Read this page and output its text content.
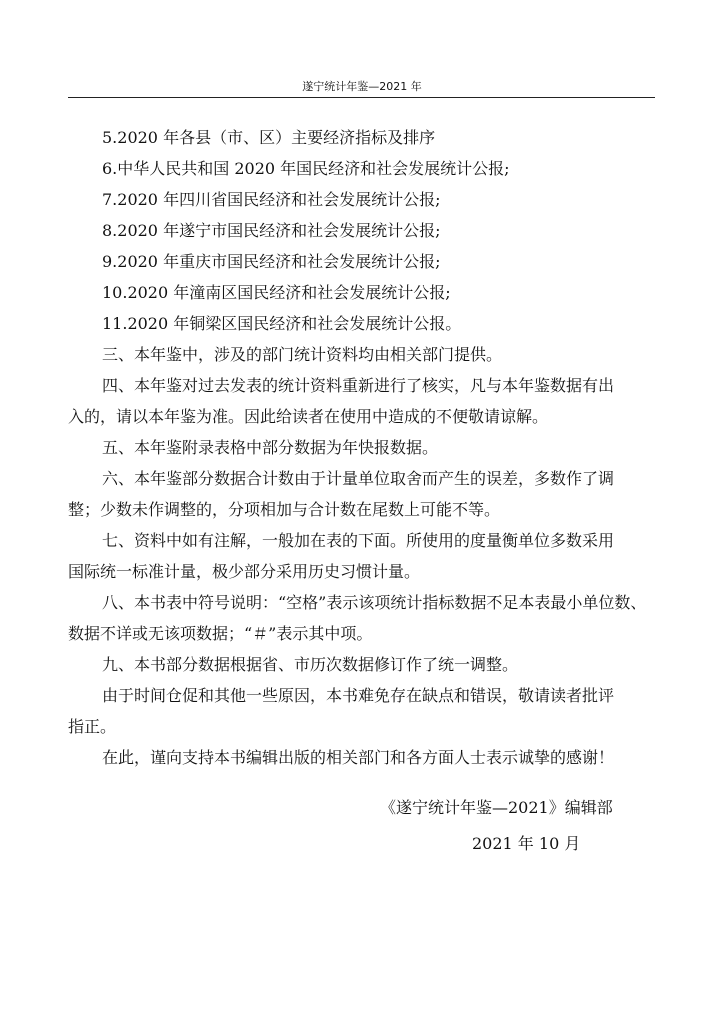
遂宁统计年鉴—2021 年
5.2020 年各县（市、区）主要经济指标及排序
6.中华人民共和国 2020 年国民经济和社会发展统计公报;
7.2020 年四川省国民经济和社会发展统计公报;
8.2020 年遂宁市国民经济和社会发展统计公报;
9.2020 年重庆市国民经济和社会发展统计公报;
10.2020 年潼南区国民经济和社会发展统计公报;
11.2020 年铜梁区国民经济和社会发展统计公报。
三、本年鉴中，涉及的部门统计资料均由相关部门提供。
四、本年鉴对过去发表的统计资料重新进行了核实，凡与本年鉴数据有出
入的，请以本年鉴为准。因此给读者在使用中造成的不便敬请谅解。
五、本年鉴附录表格中部分数据为年快报数据。
六、本年鉴部分数据合计数由于计量单位取舍而产生的误差，多数作了调
整；少数未作调整的，分项相加与合计数在尾数上可能不等。
七、资料中如有注解，一般加在表的下面。所使用的度量衡单位多数采用
国际统一标准计量，极少部分采用历史习惯计量。
八、本书表中符号说明：“空格”表示该项统计指标数据不足本表最小单位数、
数据不详或无该项数据；“＃”表示其中项。
九、本书部分数据根据省、市历次数据修订作了统一调整。
由于时间仓促和其他一些原因，本书难免存在缺点和错误，敬请读者批评
指正。
在此，谨向支持本书编辑出版的相关部门和各方面人士表示诚挚的感谢！
《遂宁统计年鉴—2021》编辑部
2021 年 10 月
